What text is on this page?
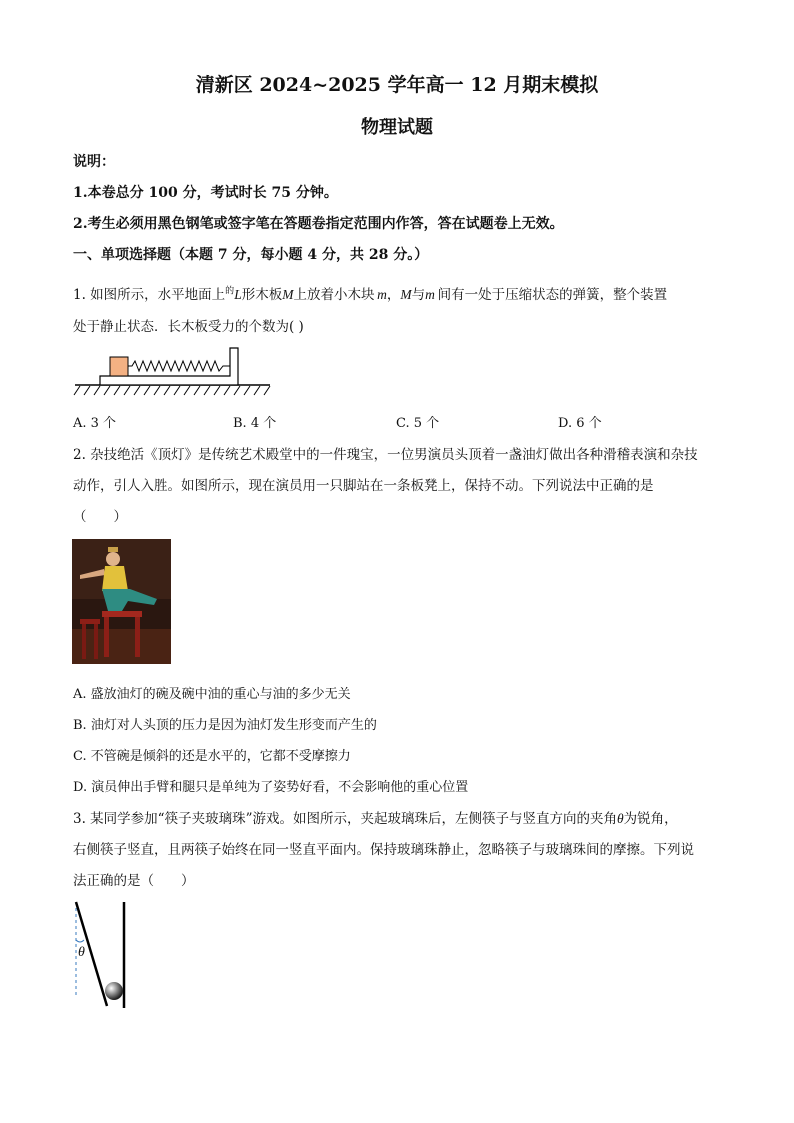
清新区 2024~2025 学年高一 12 月期末模拟
物理试题
说明：
1.本卷总分 100 分，考试时长 75 分钟。
2.考生必须用黑色钢笔或签字笔在答题卷指定范围内作答，答在试题卷上无效。
一、单项选择题（本题 7 分，每小题 4 分，共 28 分。）
1. 如图所示，水平地面上$^的$L形木板M上放着小木块  m，M与m  间有一处于压缩状态的弹簧，整个装置
处于静止状态．长木板受力的个数为( )
A. 3 个	B. 4 个	C. 5 个	D. 6 个
2. 杂技绝活《顶灯》是传统艺术殿堂中的一件瑰宝，一位男演员头顶着一盏油灯做出各种滑稽表演和杂技
动作，引人入胜。如图所示，现在演员用一只脚站在一条板凳上，保持不动。下列说法中正确的是
（　　）
A. 盛放油灯的碗及碗中油的重心与油的多少无关
B. 油灯对人头顶的压力是因为油灯发生形变而产生的
C. 不管碗是倾斜的还是水平的，它都不受摩擦力
D. 演员伸出手臂和腿只是单纯为了姿势好看，不会影响他的重心位置
3. 某同学参加“筷子夹玻璃珠”游戏。如图所示，夹起玻璃珠后，左侧筷子与竖直方向的夹角θ为锐角，
右侧筷子竖直，且两筷子始终在同一竖直平面内。保持玻璃珠静止，忽略筷子与玻璃珠间的摩擦。下列说
法正确的是（　　）
θ
